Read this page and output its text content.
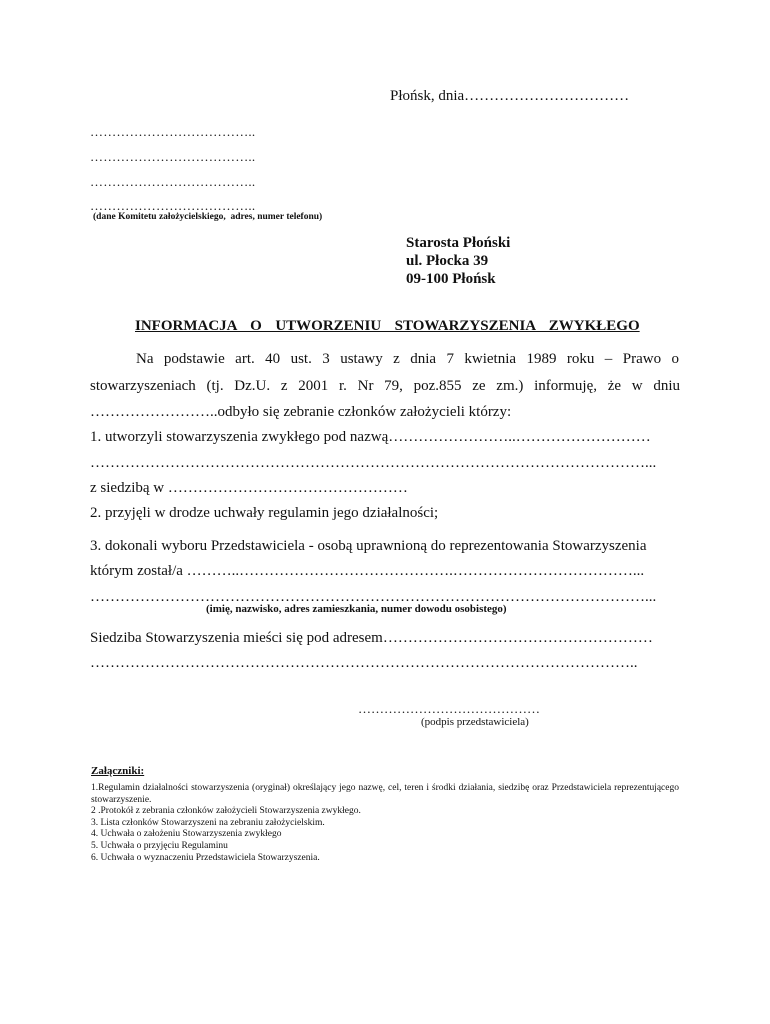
Płońsk, dnia……………………………
………………………………..
………………………………..
………………………………..
………………………………..
(dane Komitetu założycielskiego,  adres, numer telefonu)
Starosta Płoński
ul. Płocka 39
09-100 Płońsk
INFORMACJA  O  UTWORZENIU  STOWARZYSZENIA  ZWYKŁEGO
Na podstawie art. 40 ust. 3 ustawy z dnia 7 kwietnia 1989 roku – Prawo o
stowarzyszeniach (tj. Dz.U. z 2001 r. Nr 79, poz.855 ze zm.) informuję, że w dniu
……………………..odbyło się zebranie członków założycieli którzy:
1. utworzyli stowarzyszenia zwykłego pod nazwą……………………..………………………
…………………………………………………………………………………………………...
z siedzibą w …………………………………………
2. przyjęli w drodze uchwały regulamin jego działalności;
3. dokonali wyboru Przedstawiciela - osobą uprawnioną do reprezentowania Stowarzyszenia
którym został/a ………..…………………………………….………………………………...
…………………………………………………………………………………………………...
(imię, nazwisko, adres zamieszkania, numer dowodu osobistego)
Siedziba Stowarzyszenia mieści się pod adresem………………………………………………
………………………………………………………………………………………………..
……………………………………
(podpis przedstawiciela)
Załączniki:
1.Regulamin działalności stowarzyszenia (oryginał) określający jego nazwę, cel, teren i środki działania, siedzibę oraz Przedstawiciela reprezentującego stowarzyszenie.
2 .Protokół z zebrania członków założycieli Stowarzyszenia zwykłego.
3. Lista członków Stowarzyszeni na zebraniu założycielskim.
4. Uchwała o założeniu Stowarzyszenia zwykłego
5. Uchwała o przyjęciu Regulaminu
6. Uchwała o wyznaczeniu Przedstawiciela Stowarzyszenia.
